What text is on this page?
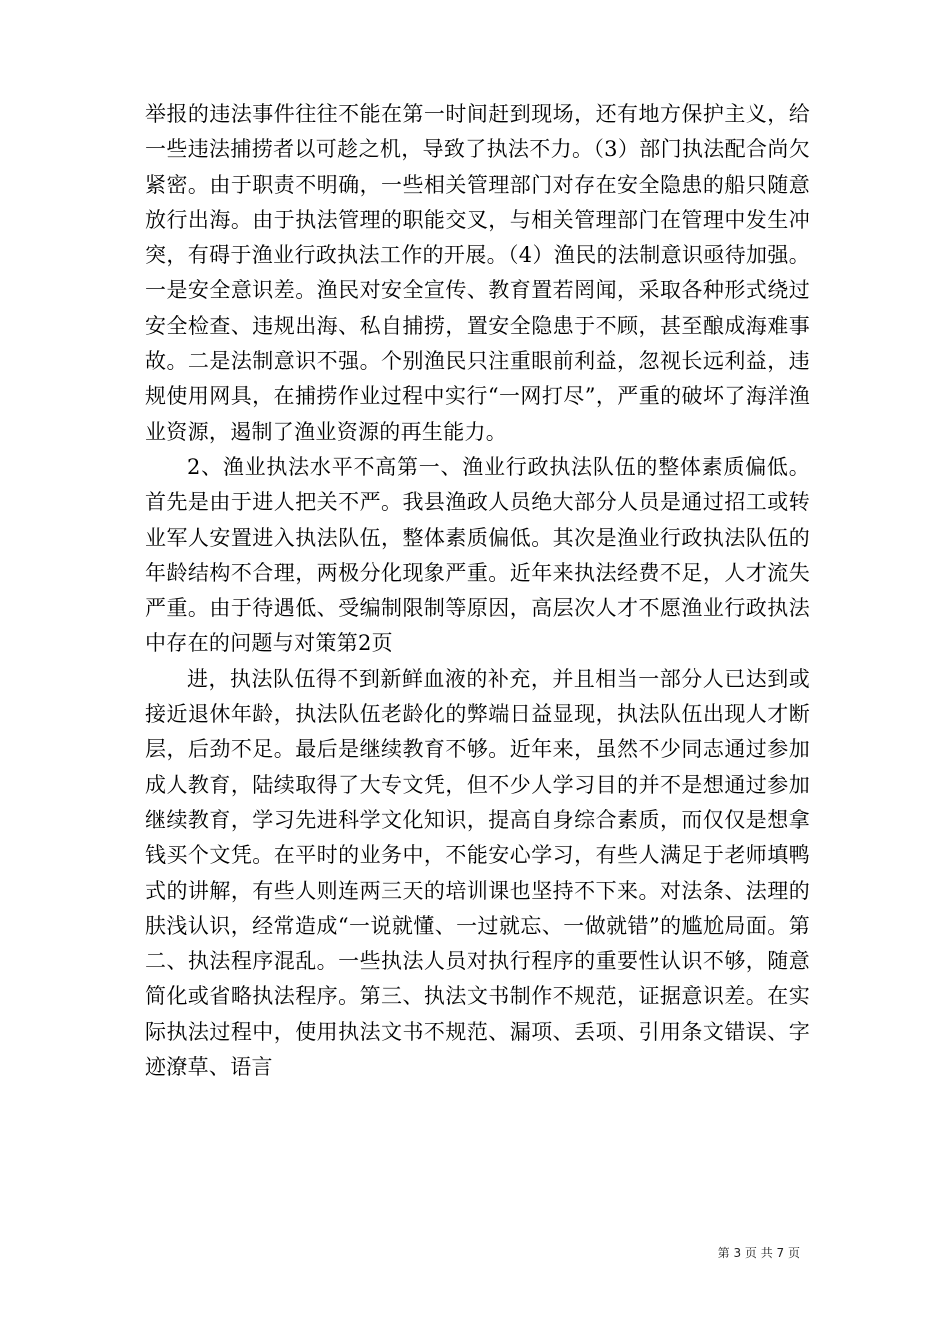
举报的违法事件往往不能在第一时间赶到现场，还有地方保护主义，给一些违法捕捞者以可趁之机，导致了执法不力。（3）部门执法配合尚欠紧密。由于职责不明确，一些相关管理部门对存在安全隐患的船只随意放行出海。由于执法管理的职能交叉，与相关管理部门在管理中发生冲突，有碍于渔业行政执法工作的开展。（4）渔民的法制意识亟待加强。一是安全意识差。渔民对安全宣传、教育置若罔闻，采取各种形式绕过安全检查、违规出海、私自捕捞，置安全隐患于不顾，甚至酿成海难事故。二是法制意识不强。个别渔民只注重眼前利益，忽视长远利益，违规使用网具，在捕捞作业过程中实行“一网打尽”，严重的破坏了海洋渔业资源，遏制了渔业资源的再生能力。

2、渔业执法水平不高第一、渔业行政执法队伍的整体素质偏低。首先是由于进人把关不严。我县渔政人员绝大部分人员是通过招工或转业军人安置进入执法队伍，整体素质偏低。其次是渔业行政执法队伍的年龄结构不合理，两极分化现象严重。近年来执法经费不足，人才流失严重。由于待遇低、受编制限制等原因，高层次人才不愿渔业行政执法中存在的问题与对策第2页

进，执法队伍得不到新鲜血液的补充，并且相当一部分人已达到或接近退休年龄，执法队伍老龄化的弊端日益显现，执法队伍出现人才断层，后劲不足。最后是继续教育不够。近年来，虽然不少同志通过参加成人教育，陆续取得了大专文凭，但不少人学习目的并不是想通过参加继续教育，学习先进科学文化知识，提高自身综合素质，而仅仅是想拿钱买个文凭。在平时的业务中，不能安心学习，有些人满足于老师填鸭式的讲解，有些人则连两三天的培训课也坚持不下来。对法条、法理的肤浅认识，经常造成“一说就懂、一过就忘、一做就错”的尴尬局面。第二、执法程序混乱。一些执法人员对执行程序的重要性认识不够，随意简化或省略执法程序。第三、执法文书制作不规范，证据意识差。在实际执法过程中，使用执法文书不规范、漏项、丢项、引用条文错误、字迹潦草、语言

第 3 页 共 7 页
